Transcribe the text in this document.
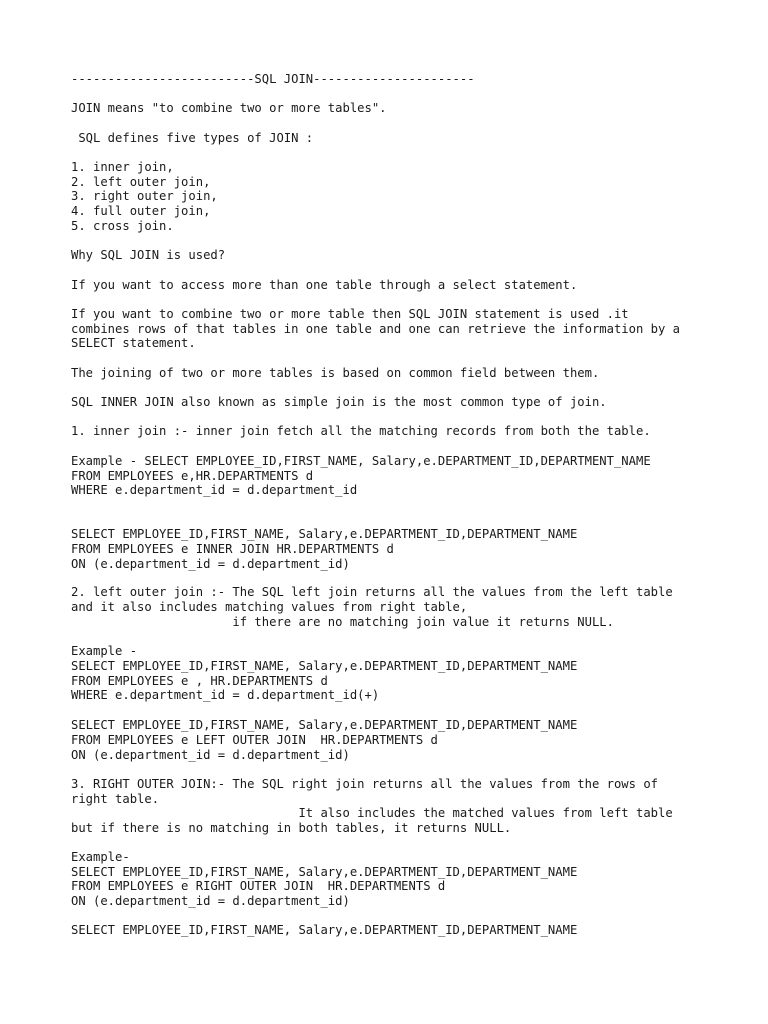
-------------------------SQL JOIN----------------------

JOIN means "to combine two or more tables".

SQL defines five types of JOIN :

1. inner join,

2. left outer join,

3. right outer join,

4. full outer join,

5. cross join.

Why SQL JOIN is used?

If you want to access more than one table through a select statement.

If you want to combine two or more table then SQL JOIN statement is used .it

combines rows of that tables in one table and one can retrieve the information by a

SELECT statement.

The joining of two or more tables is based on common field between them.

SQL INNER JOIN also known as simple join is the most common type of join.

1. inner join :- inner join fetch all the matching records from both the table.

Example - SELECT EMPLOYEE_ID,FIRST_NAME, Salary,e.DEPARTMENT_ID,DEPARTMENT_NAME

FROM EMPLOYEES e,HR.DEPARTMENTS d

WHERE e.department_id = d.department_id

SELECT EMPLOYEE_ID,FIRST_NAME, Salary,e.DEPARTMENT_ID,DEPARTMENT_NAME

FROM EMPLOYEES e INNER JOIN HR.DEPARTMENTS d

ON (e.department_id = d.department_id)

2. left outer join :- The SQL left join returns all the values from the left table

and it also includes matching values from right table,

if there are no matching join value it returns NULL.

Example -

SELECT EMPLOYEE_ID,FIRST_NAME, Salary,e.DEPARTMENT_ID,DEPARTMENT_NAME

FROM EMPLOYEES e , HR.DEPARTMENTS d

WHERE e.department_id = d.department_id(+)

SELECT EMPLOYEE_ID,FIRST_NAME, Salary,e.DEPARTMENT_ID,DEPARTMENT_NAME

FROM EMPLOYEES e LEFT OUTER JOIN  HR.DEPARTMENTS d

ON (e.department_id = d.department_id)

3. RIGHT OUTER JOIN:- The SQL right join returns all the values from the rows of

right table.

It also includes the matched values from left table

but if there is no matching in both tables, it returns NULL.

Example-

SELECT EMPLOYEE_ID,FIRST_NAME, Salary,e.DEPARTMENT_ID,DEPARTMENT_NAME

FROM EMPLOYEES e RIGHT OUTER JOIN  HR.DEPARTMENTS d

ON (e.department_id = d.department_id)

SELECT EMPLOYEE_ID,FIRST_NAME, Salary,e.DEPARTMENT_ID,DEPARTMENT_NAME
